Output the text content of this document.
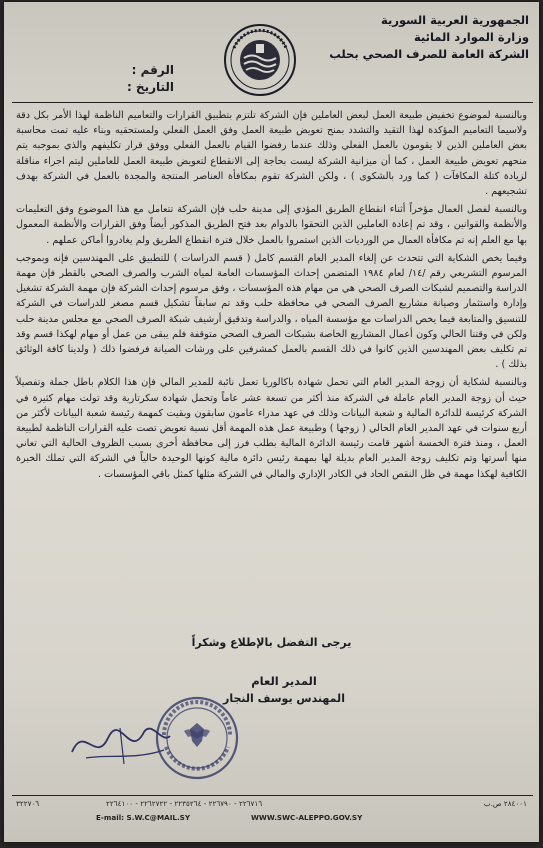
الجمهورية العربية السورية
وزارة الموارد المائية
الشركة العامة للصرف الصحي بحلب
الرقم :
التاريخ :

وبالنسبة لموضوع تخفيض طبيعة العمل لبعض العاملين فإن الشركة تلتزم بتطبيق القرارات والتعاميم الناظمة لهذا الأمر بكل دقة ولاسيما التعاميم المؤكدة لهذا التقيد والتشدد بمنح تعويض طبيعة العمل وفق العمل الفعلي ولمستحقيه وبناء عليه تمت محاسبة بعض العاملين الذين لا يقومون بالعمل الفعلي وذلك عندما رفضوا القيام بالعمل الفعلي ووفق قرار تكليفهم والذي بموجبه يتم منحهم تعويض طبيعة العمل ، كما أن ميزانية الشركة ليست بحاجة إلى الانقطاع لتعويض طبيعة العمل للعاملين ليتم اجراء مناقلة لزيادة كتلة المكافآت ( كما ورد بالشكوى ) ، ولكن الشركة تقوم بمكافأة العناصر المنتجة والمجدة بالعمل في الشركة بهدف تشجيعهم .

وبالنسبة لفصل العمال مؤخراً أثناء انقطاع الطريق المؤدي إلى مدينة حلب فإن الشركة تتعامل مع هذا الموضوع وفق التعليمات والأنظمة والقوانين ، وقد تم إعادة العاملين الذين التحقوا بالدوام بعد فتح الطريق المذكور أيضاً وفق القرارات والأنظمة المعمول بها مع العلم إنه تم مكافأة العمال من الورديات الذين استمروا بالعمل خلال فترة انقطاع الطريق ولم يغادروا أماكن عملهم .

وفيما يخص الشكاية التي تتحدث عن إلغاء المدير العام القسم كامل ( قسم الدراسات ) للتطبيق على المهندسين فإنه وبموجب المرسوم التشريعي رقم /١٤/ لعام ١٩٨٤ المتضمن إحداث المؤسسات العامة لمياه الشرب والصرف الصحي بالقطر فإن مهمة الدراسة والتصميم لشبكات الصرف الصحي هي من مهام هذه المؤسسات ، وفق مرسوم إحداث الشركة فإن مهمة الشركة تشغيل وإدارة واستثمار وصيانة مشاريع الصرف الصحي في محافظة حلب وقد تم سابقاً تشكيل قسم مصغر للدراسات في الشركة للتنسيق والمتابعة فيما يخص الدراسات مع مؤسسة المياه ، والدراسة وتدقيق أرشيف شبكة الصرف الصحي مع مجلس مدينة حلب ولكن في وقتنا الحالي وكون أعمال المشاريع الخاصة بشبكات الصرف الصحي متوقفة فلم يبقى من عمل أو مهام لهكذا قسم وقد تم تكليف بعض المهندسين الذين كانوا في ذلك القسم بالعمل كمشرفين على ورشات الصيانة فرفضوا ذلك ( ولدينا كافة الوثائق بذلك ) .

وبالنسبة لشكاية أن زوجة المدير العام التي تحمل شهادة باكالوريا تعمل نائبة للمدير المالي فإن هذا الكلام باطل جملة وتفصيلاً حيث أن زوجة المدير العام عاملة في الشركة منذ أكثر من تسعة عشر عاماً وتحمل شهادة سكرتارية وقد تولت مهام كثيرة في الشركة كرئيسة للدائرة المالية و شعبة البيانات وذلك في عهد مدراء عامون سابقون وبقيت كمهمة رئيسة شعبة البيانات لأكثر من أربع سنوات في عهد المدير العام الحالي ( زوجها ) وطبيعة عمل هذه المهمة أقل نسبة تعويض تصت عليه القرارات الناظمة لطبيعة العمل ، ومنذ فترة الخمسة أشهر قامت رئيسة الدائرة المالية بطلب فرز إلى محافظة أخرى بسبب الظروف الحالية التي تعاني منها أسرتها وتم تكليف زوجة المدير العام بديلة لها بمهمة رئيس دائرة مالية كونها الوحيدة حالياً في الشركة التي تملك الخبرة الكافية لهكذا مهمة في ظل النقص الحاد في الكادر الإداري والمالي في الشركة مثلها كمثل باقي المؤسسات .

يرجى التفضل بالإطلاع وشكراً
المدير العام
المهندس يوسف النجار
٣٢٢٧٠٦	٢٢٦٧١٦ - ٢٢٦٧٩٠ - ٢٢٣٥٢٦٤ - ٢٢٦٢٧٢٢ - ٢٢٦٤١٠٠	٢٨٤٠٠١ ص.ب
E-mail: S.W.C@MAIL.SY	WWW.SWC-ALEPPO.GOV.SY
